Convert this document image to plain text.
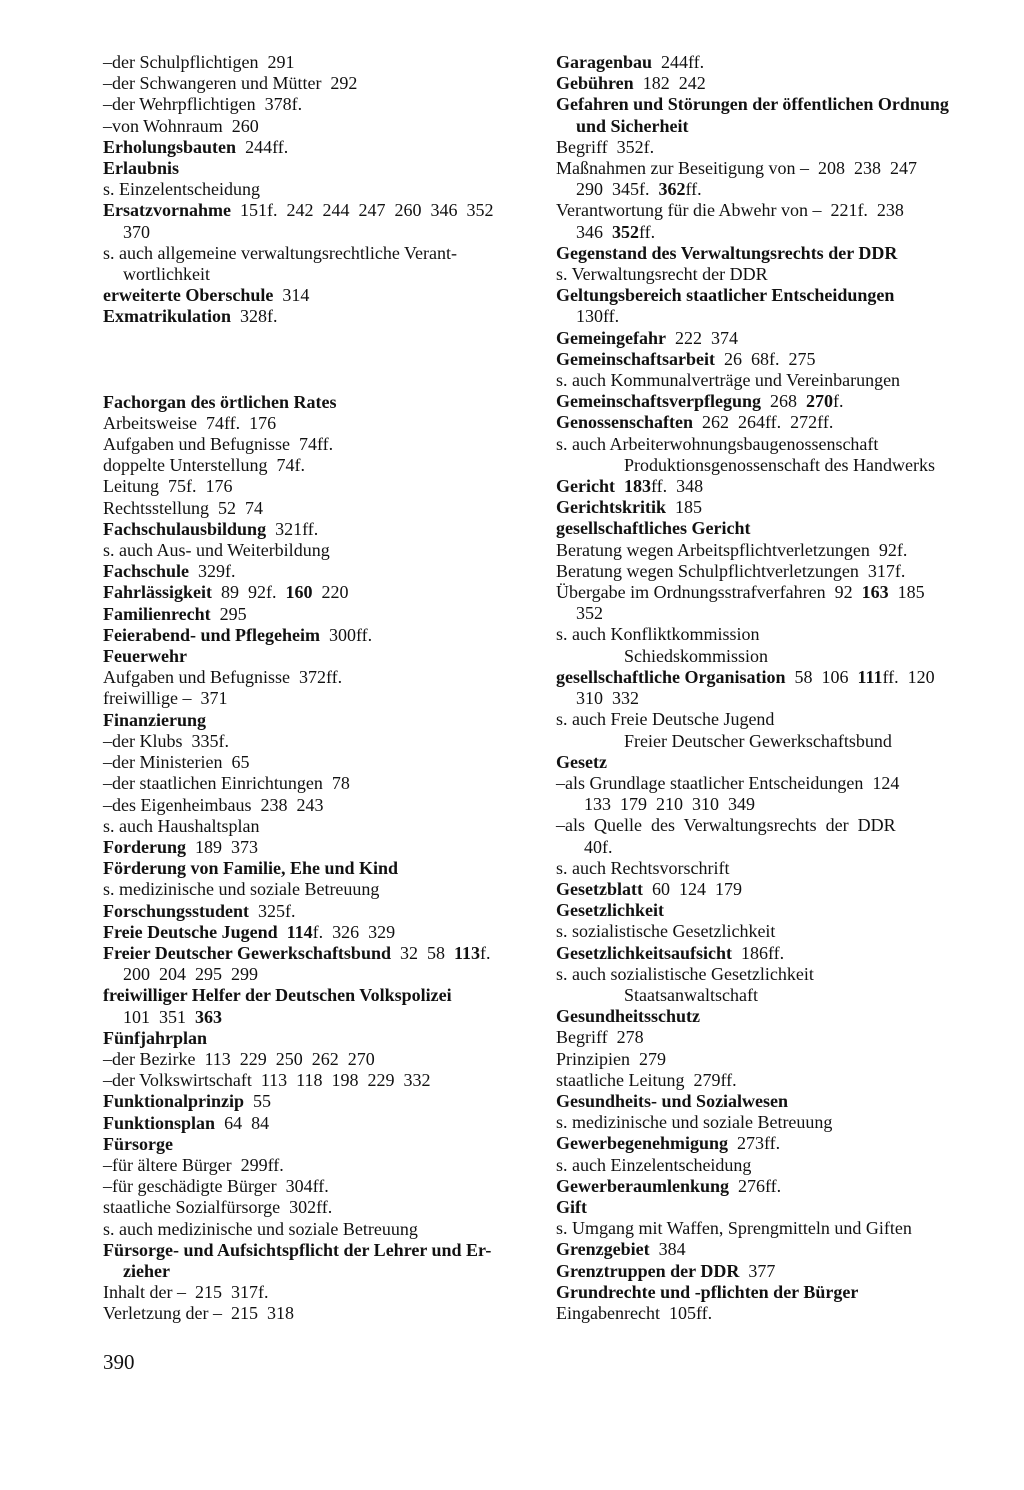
–der Schulpflichtigen  291
–der Schwangeren und Mütter  292
–der Wehrpflichtigen  378f.
–von Wohnraum  260
Erholungsbauten  244ff.
Erlaubnis
s. Einzelentscheidung
Ersatzvornahme  151f.  242  244  247  260  346  352
370
s. auch allgemeine verwaltungsrechtliche Verant-
wortlichkeit
erweiterte Oberschule  314
Exmatrikulation  328f.
Fachorgan des örtlichen Rates
Arbeitsweise  74ff.  176
Aufgaben und Befugnisse  74ff.
doppelte Unterstellung  74f.
Leitung  75f.  176
Rechtsstellung  52  74
Fachschulausbildung  321ff.
s. auch Aus- und Weiterbildung
Fachschule  329f.
Fahrlässigkeit  89  92f.  160  220
Familienrecht  295
Feierabend- und Pflegeheim  300ff.
Feuerwehr
Aufgaben und Befugnisse  372ff.
freiwillige –  371
Finanzierung
–der Klubs  335f.
–der Ministerien  65
–der staatlichen Einrichtungen  78
–des Eigenheimbaus  238  243
s. auch Haushaltsplan
Forderung  189  373
Förderung von Familie, Ehe und Kind
s. medizinische und soziale Betreuung
Forschungsstudent  325f.
Freie Deutsche Jugend 114f.  326  329
Freier Deutscher Gewerkschaftsbund  32  58  113f.
200  204  295  299
freiwilliger Helfer der Deutschen Volkspolizei
101  351  363
Fünfjahrplan
–der Bezirke  113  229  250  262  270
–der Volkswirtschaft  113  118  198  229  332
Funktionalprinzip  55
Funktionsplan  64  84
Fürsorge
–für ältere Bürger  299ff.
–für geschädigte Bürger  304ff.
staatliche Sozialfürsorge  302ff.
s. auch medizinische und soziale Betreuung
Fürsorge- und Aufsichtspflicht der Lehrer und Er-
zieher
Inhalt der –  215  317f.
Verletzung der –  215  318
Garagenbau  244ff.
Gebühren  182  242
Gefahren und Störungen der öffentlichen Ordnung
und Sicherheit
Begriff  352f.
Maßnahmen zur Beseitigung von –  208  238  247
290  345f.  362ff.
Verantwortung für die Abwehr von –  221f.  238
346  352ff.
Gegenstand des Verwaltungsrechts der DDR
s. Verwaltungsrecht der DDR
Geltungsbereich staatlicher Entscheidungen
130ff.
Gemeingefahr  222  374
Gemeinschaftsarbeit  26  68f.  275
s. auch Kommunalverträge und Vereinbarungen
Gemeinschaftsverpflegung  268  270f.
Genossenschaften  262  264ff.  272ff.
s. auch Arbeiterwohnungsbaugenossenschaft
Produktionsgenossenschaft des Handwerks
Gericht 183ff.  348
Gerichtskritik  185
gesellschaftliches Gericht
Beratung wegen Arbeitspflichtverletzungen  92f.
Beratung wegen Schulpflichtverletzungen  317f.
Übergabe im Ordnungsstrafverfahren  92  163  185
352
s. auch Konfliktkommission
Schiedskommission
gesellschaftliche Organisation  58  106  111ff.  120
310  332
s. auch Freie Deutsche Jugend
Freier Deutscher Gewerkschaftsbund
Gesetz
–als Grundlage staatlicher Entscheidungen  124
133  179  210  310  349
–als  Quelle  des  Verwaltungsrechts  der  DDR
40f.
s. auch Rechtsvorschrift
Gesetzblatt  60  124  179
Gesetzlichkeit
s. sozialistische Gesetzlichkeit
Gesetzlichkeitsaufsicht  186ff.
s. auch sozialistische Gesetzlichkeit
Staatsanwaltschaft
Gesundheitsschutz
Begriff  278
Prinzipien  279
staatliche Leitung  279ff.
Gesundheits- und Sozialwesen
s. medizinische und soziale Betreuung
Gewerbegenehmigung  273ff.
s. auch Einzelentscheidung
Gewerberaumlenkung  276ff.
Gift
s. Umgang mit Waffen, Sprengmitteln und Giften
Grenzgebiet  384
Grenztruppen der DDR  377
Grundrechte und -pflichten der Bürger
Eingabenrecht  105ff.
390
